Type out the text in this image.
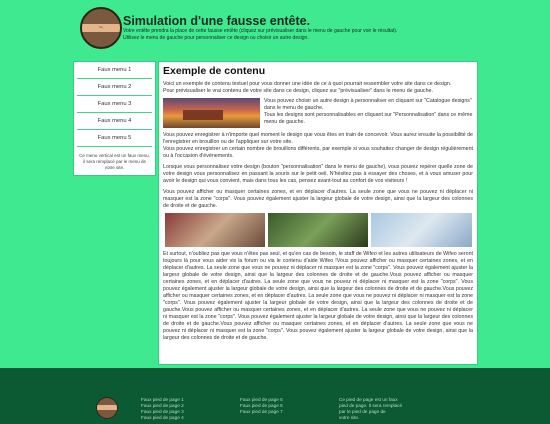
~	Simulation d'une fausse entête.
Votre entête prendra la place de cette fausse entête (cliquez sur prévisualiser dans le menu de gauche pour voir le résultat).
Utilisez le menu de gauche pour personnaliser ce design ou choisir un autre design.
Faux menu 1
Faux menu 2
Faux menu 3
Faux menu 4
Faux menu 5
Ce menu vertical est un faux menu, il sera remplacé par le menu de votre site.
Exemple de contenu

Voici un exemple de contenu textuel pour vous donner une idée de ce à quoi pourrait ressembler votre site dans ce design.

Pour prévisualiser le vrai contenu de votre site dans ce design, cliquez sur "prévisualiser" dans le menu de gauche.

Vous pouvez choisir un autre design à personnaliser en cliquant sur "Catalogue designs" dans le menu de gauche.
Tous les designs sont personnalisables en cliquant sur "Personnalisation" dans ce même menu de gauche.

Vous pouvez enregistrer à n'importe quel moment le design que vous êtes en train de concevoir. Vous aurez ensuite la possibilité de l'enregistrer en brouillon ou de l'appliquer sur votre site.

Vous pouvez enregistrer un certain nombre de brouillons différents, par exemple si vous souhaitez changer de design régulièrement ou à l'occasion d'évènements.

Lorsque vous personnalisez votre design (bouton "personnalisation" dans le menu de gauche), vous pouvez repérer quelle zone de votre design vous personnalisez en passant la souris sur le petit oeil. N'hésitez pas à essayer des choses, et à vous amuser pour avoir le design qui vous convient, mais dans tous les cas, pensez avant-tout au confort de vos visiteurs !

Vous pouvez afficher ou masquer certaines zones, et en déplacer d'autres. La seule zone que vous ne pouvez ni déplacer ni masquer est la zone "corps". Vous pouvez également ajuster la largeur globale de votre design, ainsi que la largeur des colonnes de droite et de gauche.

Et surtout, n'oubliez pas que vous n'êtes pas seul, et qu'en cas de besoin, le staff de Wifeo et les autres utilisateurs de Wifeo seront toujours là pour vous aider vis la forum ou via le contenu d'aide Wifeo !Vous pouvez afficher ou masquer certaines zones, et en déplacer d'autres. La seule zone que vous ne pouvez ni déplacer ni masquer est la zone "corps". Vous pouvez également ajuster la largeur globale de votre design, ainsi que la largeur des colonnes de droite et de gauche.Vous pouvez afficher ou masquer certaines zones, et en déplacer d'autres. La seule zone que vous ne pouvez ni déplacer ni masquer est la zone "corps". Vous pouvez également ajuster la largeur globale de votre design, ainsi que la largeur des colonnes de droite et de gauche.Vous pouvez afficher ou masquer certaines zones, et en déplacer d'autres. La seule zone que vous ne pouvez ni déplacer ni masquer est la zone "corps". Vous pouvez également ajuster la largeur globale de votre design, ainsi que la largeur des colonnes de droite et de gauche.Vous pouvez afficher ou masquer certaines zones, et en déplacer d'autres. La seule zone que vous ne pouvez ni déplacer ni masquer est la zone "corps". Vous pouvez également ajuster la largeur globale de votre design, ainsi que la largeur des colonnes de droite et de gauche.Vous pouvez afficher ou masquer certaines zones, et en déplacer d'autres. La seule zone que vous ne pouvez ni déplacer ni masquer est la zone "corps". Vous pouvez également ajuster la largeur globale de votre design, ainsi que la largeur des colonnes de droite et de gauche.

Faux pied de page 1
Faux pied de page 2
Faux pied de page 3
Faux pied de page 4
Faux pied de page 5
Faux pied de page 6
Faux pied de page 7
Ce pied de page est un faux
pied de page. Il sera remplacé
par le pied de page de
votre site.
